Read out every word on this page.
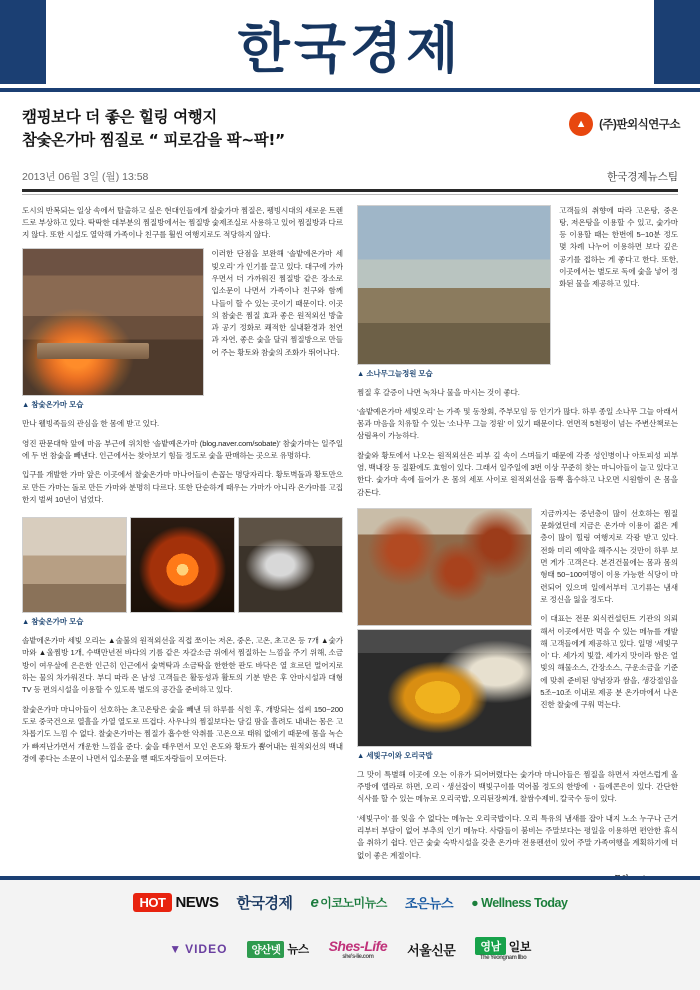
한국경제
캠핑보다 더 좋은 힐링 여행지
참숯온가마 찜질로 “ 피로감을 팍~팍!”
▲	(주)판외식연구소
2013년 06월 3일 (월) 13:58	한국경제뉴스팀

도시의 반복되는 일상 속에서 탈출하고 싶은 현대인들에게 찰숯가마 찜질은, 펭빙시대의 새로운 트렌드로 부상하고 있다. 딱딱한 대부분의 찜질방에서는 찜질방 숯제조실로 사용하고 있어 찜질방과 다르지 않다. 또한 시설도 열악해 가족이나 친구를 훨씬 여행지로도 적당하지 않다.

▲ 참숯온가마 모습

이러한 단점을 보완해 ‘솔밭에온가마 세빛오리’ 가 인기를 끌고 있다. 대구에 가까우면서 더 가까워진 찜질방 같은 장소로 입소문이 나면서 가족이나 친구와 함께 나들이 할 수 있는 곳이기 때문이다. 이곳의 참숯은 찜질 효과 좋은 원적외선 방출과 공기 정화로 쾌적한 실내환경과 천연과 자연, 좋은 숯을 달궈 찜질방으로 만들어 주는 황토와 참숯의 조화가 뛰어나다.

만나 웰빙족들의 관심을 한 몸에 받고 있다.

영진 판문대학 앞에 마음 부근에 위치한 ‘솔밭예온가마 (blog.naver.com/sobate)’ 참숯가마는 일주일에 두 번 참숯을 빼낸다. 인근에서는 찾아보기 힘들 정도로 숯을 판매하는 곳으로 유명하다.

입구를 개발한 가마 앞은 이곳에서 찰숯온가마 마나어들이 손꼽는 명당자리다. 황토벽돌과 황토만으로 만든 가마는 돌로 만든 가마와 분명히 다르다. 또한 단순하게 때우는 가마가 아니라 온가마를 고집한지 벌써 10년이 넘었다.

▲ 참숯온가마 모습

솔밭에온가마 세빛 오리는 ▲술불의 원적외선을 직접 쪼이는 저온, 중온, 고온, 초고온 등 7개 ▲숯가마와 ▲울찜방 1개, 수백만년전 바다의 기름 같은 자갈소금 위에서 찜질하는 느낌을 주기 위해, 소금방이 여우살에 은은한 인근히 인근에서 숯벽탁과 소금탁을 한한한 판도 바닥은 열 흐르던 멀어지로 하는 물의 차가워진다. 부디 따라 온 남성 고객들은 활동성과 활토의 기분 받은 후 안마시설과 대형 TV 등 편의시설을 이용할 수 있도록 별도의 공간을 준비하고 있다.

찰숯온가마 마니아들이 선호하는 초고온탕은 숯을 빼낸 뒤 하루를 식힌 후, 개방되는 섭씨 150~200도로 중국건으로 열흘을 가열 열도로 뜨겁다. 사우나의 찜질보다는 담길 땀을 흘려도 내내는 몸은 고차롭기도 느낌 수 없다. 찰숯온가마는 찜질가 흡수한 악취를 고온으로 태워 없애기 때문에 몸을 녹슨가 빠져난가면서 개운한 느낌을 준다. 숯을 태우면서 모인 온도와 황토가 뿜어내는 원적외선의 백내경에 좋다는 소문이 나면서 입소문을 뻗 때도자랑들이 모여든다.

고객들의 취향에 따라 고온탕, 중온탕, 저온탕을 이용할 수 있고, 숯가마 등 이용할 때는 한번에 5~10분 정도 몇 차례 나누어 이용하면 보다 깊은 공기를 접하는 게 좋다고 한다. 또한, 이곳에서는 별도로 독에 숯을 넣어 정화된 물을 제공하고 있다.

▲ 소나무그늘정원 모습

찜질 후 갈증이 나면 녹차나 물을 마시는 것이 좋다.

‘솔밭예온가마 세빛오리’ 는 가족 및 동창회, 주부모임 등 인기가 많다. 하루 종일 소나무 그늘 아래서 몸과 마음을 치유할 수 있는 ‘소나무 그늘 정원’ 이 있기 때문이다. 연면적 5천평이 넘는 주변산책로는 삼림욕이 가능하다.

찰숯와 황토에서 나오는 원적외선은 피부 깊 속이 스며들기 때문에 각종 성인병이나 아토피성 피부염, 백내장 등 질환에도 효험이 있다. 그래서 일주일에 3번 이상 꾸준히 찾는 마니아들이 늘고 있다고 한다. 숯가마 속에 들어가 온 몸의 세포 사이로 원적외선을 듬뿍 흡수하고 나오면 시원함이 온 몸을 감돈다.

지금까지는 중년층이 많이 선호하는 찜질문화였던데 지금은 온가마 이용이 젊은 계층이 많이 힐링 여행지로 각광 받고 있다. 전화 미리 예약을 해주시는 것만이 하루 보면 게가 고객은다. 본견건물에는 몸과 몸의 형태 50~100여명이 이용 가능한 식당이 마련되어 있으며 일에서부터 고기류는 냄새로 정신을 잃을 정도다.

이 대표는 전문 외식컨설턴트 기관의 의뢰해서 이곳에서만 먹을 수 있는 메뉴를 개발해 고객들에게 제공하고 있다. 일명 ‘세빛구이’ 다. 세가지 빛깔, 세가지 맛이라 함은 얼빛의 해물소스, 간장소스, 구운소금을 기준에 맞춰 준비된 양념장과 쌈을, 생강절임을 5조~10조 이내로 제공 분 온가마에서 나온 진한 찰숯에 구워 먹는다.

▲ 세빛구이와 오리국밥

그 맛이 특별해 이곳에 오는 이유가 되어버렸다는 숯가마 마니아들은 찜질을 하면서 자연스럽게 올 주방에 앨라로 하면, 오리ㆍ생선잡이 백빛구이를 먹어볼 정도의 한방에 ㆍ들에콘은이 있다. 간단한 식사를 할 수 있는 메뉴로 오리국밥, 오리된장찌개, 찰쌈수제비, 칼국수 등이 있다.

‘세빛구이’ 를 잊을 수 없다는 메뉴는 오리국밥이다. 오리 특유의 냄새를 잡아 내지 노소 누구나 근거리부터 부담이 없어 부추의 인기 메뉴다. 사람들이 붐비는 주말보다는 평일을 이용하면 편안한 휴식을 취하기 쉽다. 인근 숯숯 숙박시설을 갖춘 온가마 전용펜션이 있어 주말 가족여행을 계획하기에 더없이 좋은 계절이다.

HOT NEWS 한국경제 e 이코노미뉴스 조은뉴스 ● Wellness Today
▼ VIDEO	양산넷 뉴스 Shes-Life
she's-lie.com	서울신문	영남 일보
The Yeongnam Ilbo
